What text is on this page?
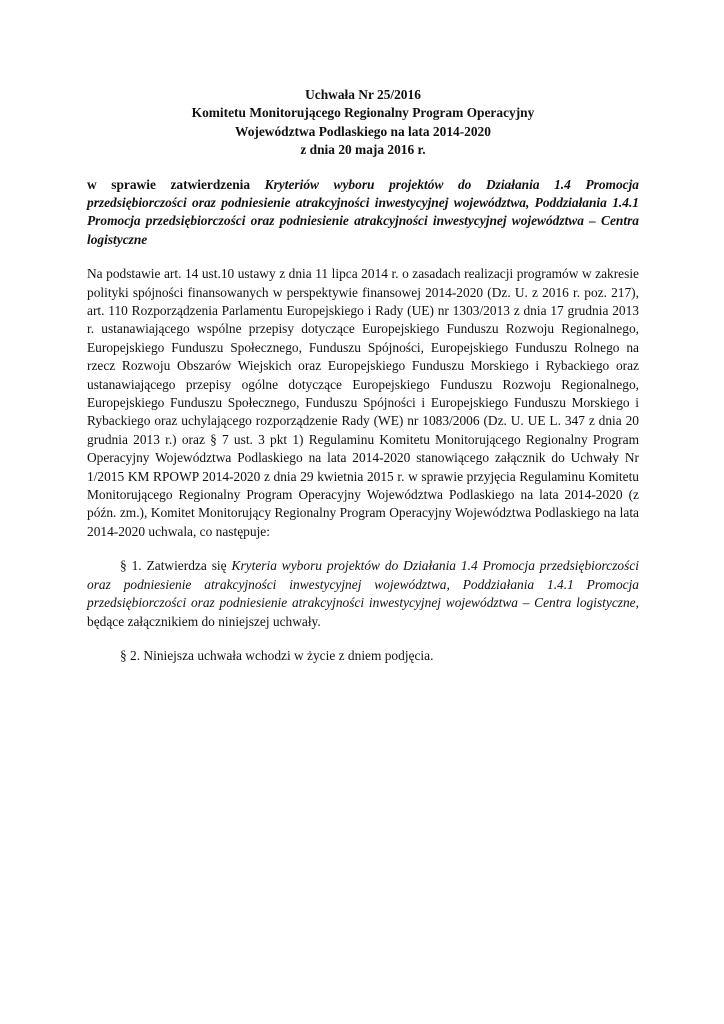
Uchwała Nr 25/2016
Komitetu Monitorującego Regionalny Program Operacyjny
Województwa Podlaskiego na lata 2014-2020
z dnia 20 maja 2016 r.
w sprawie zatwierdzenia Kryteriów wyboru projektów do Działania 1.4 Promocja przedsiębiorczości oraz podniesienie atrakcyjności inwestycyjnej województwa, Poddziałania 1.4.1 Promocja przedsiębiorczości oraz podniesienie atrakcyjności inwestycyjnej województwa – Centra logistyczne
Na podstawie art. 14 ust.10 ustawy z dnia 11 lipca 2014 r. o zasadach realizacji programów w zakresie polityki spójności finansowanych w perspektywie finansowej 2014-2020 (Dz. U. z 2016 r. poz. 217), art. 110 Rozporządzenia Parlamentu Europejskiego i Rady (UE) nr 1303/2013 z dnia 17 grudnia 2013 r. ustanawiającego wspólne przepisy dotyczące Europejskiego Funduszu Rozwoju Regionalnego, Europejskiego Funduszu Społecznego, Funduszu Spójności, Europejskiego Funduszu Rolnego na rzecz Rozwoju Obszarów Wiejskich oraz Europejskiego Funduszu Morskiego i Rybackiego oraz ustanawiającego przepisy ogólne dotyczące Europejskiego Funduszu Rozwoju Regionalnego, Europejskiego Funduszu Społecznego, Funduszu Spójności i Europejskiego Funduszu Morskiego i Rybackiego oraz uchylającego rozporządzenie Rady (WE) nr 1083/2006 (Dz. U. UE L. 347 z dnia 20 grudnia 2013 r.) oraz § 7 ust. 3 pkt 1) Regulaminu Komitetu Monitorującego Regionalny Program Operacyjny Województwa Podlaskiego na lata 2014-2020 stanowiącego załącznik do Uchwały Nr 1/2015 KM RPOWP 2014-2020 z dnia 29 kwietnia 2015 r. w sprawie przyjęcia Regulaminu Komitetu Monitorującego Regionalny Program Operacyjny Województwa Podlaskiego na lata 2014-2020 (z późn. zm.), Komitet Monitorujący Regionalny Program Operacyjny Województwa Podlaskiego na lata 2014-2020 uchwala, co następuje:
§ 1. Zatwierdza się Kryteria wyboru projektów do Działania 1.4 Promocja przedsiębiorczości oraz podniesienie atrakcyjności inwestycyjnej województwa, Poddziałania 1.4.1 Promocja przedsiębiorczości oraz podniesienie atrakcyjności inwestycyjnej województwa – Centra logistyczne, będące załącznikiem do niniejszej uchwały.
§ 2. Niniejsza uchwała wchodzi w życie z dniem podjęcia.
